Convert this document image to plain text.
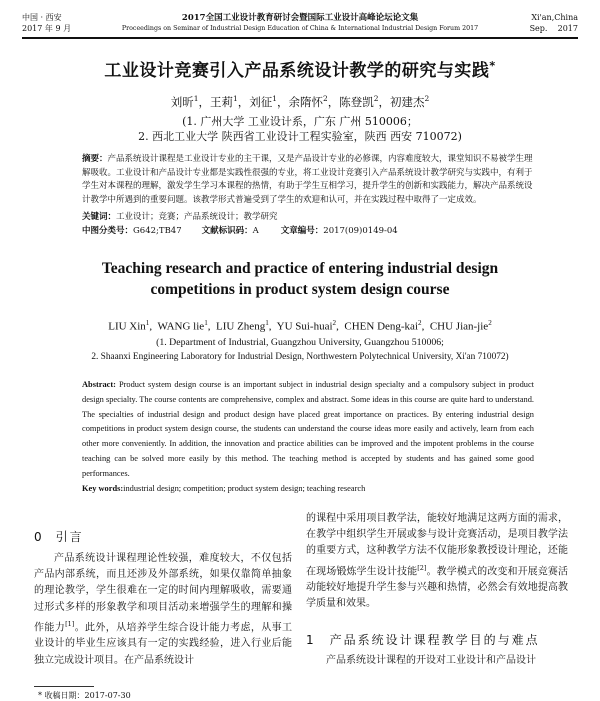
中国 · 西安
2017 年 9 月
2017全国工业设计教育研讨会暨国际工业设计高峰论坛论文集
Proceedings on Seminar of Industrial Design Education of China & International Industrial Design Forum 2017
Xi'an,China
Sep.    2017
工业设计竞赛引入产品系统设计教学的研究与实践*
刘昕$^1$，王莉$^1$，刘征$^1$，余隋怀$^2$，陈登凯$^2$，初建杰$^2$
(1. 广州大学 工业设计系，广东 广州 510006；
2. 西北工业大学 陕西省工业设计工程实验室，陕西 西安 710072)
摘要：产品系统设计课程是工业设计专业的主干课，又是产品设计专业的必修课，内容难度较大，课堂知识不易被学生理解吸收。工业设计和产品设计专业都是实践性很强的专业，将工业设计竞赛引入产品系统设计教学研究与实践中，有利于学生对本课程的理解，激发学生学习本课程的热情，有助于学生互相学习，提升学生的创新和实践能力，解决产品系统设计教学中所遇到的重要问题。该教学形式普遍受到了学生的欢迎和认可，并在实践过程中取得了一定成效。
关键词：工业设计；竞赛；产品系统设计；教学研究
中图分类号：G642;TB47 文献标识码：A	文章编号：2017(09)0149-04
Teaching research and practice of entering industrial design
competitions in product system design course
LIU Xin$^1$,  WANG lie$^1$,  LIU Zheng$^1$,  YU Sui-huai$^2$,  CHEN Deng-kai$^2$,  CHU Jian-jie$^2$
(1. Department of Industrial, Guangzhou University, Guangzhou 510006;
2. Shaanxi Engineering Laboratory for Industrial Design, Northwestern Polytechnical University, Xi'an 710072)
Abstract: Product system design course is an important subject in industrial design specialty and a compulsory subject in product design specialty. The course contents are comprehensive, complex and abstract. Some ideas in this course are quite hard to understand. The specialties of industrial design and product design have placed great importance on practices. By entering industrial design competitions in product system design course, the students can understand the course ideas more easily and actively, learn from each other more conveniently. In addition, the innovation and practice abilities can be improved and the impotent problems in the course teaching can be solved more easily by this method. The teaching method is accepted by students and has gained some good performances.
Key words:industrial design; competition; product system design; teaching research
0 引言
产品系统设计课程理论性较强，难度较大，不仅包括产品内部系统，而且还涉及外部系统，如果仅靠简单抽象的理论教学，学生很难在一定的时间内理解吸收，需要通过形式多样的形象教学和项目活动来增强学生的理解和操作能力[1]。此外，从培养学生综合设计能力考虑，从事工业设计的毕业生应该具有一定的实践经验，进入行业后能独立完成设计项目。在产品系统设计
的课程中采用项目教学法，能较好地满足这两方面的需求，在教学中组织学生开展或参与设计竞赛活动，是项目教学法的重要方式，这种教学方法不仅能形象教授设计理论，还能在现场锻炼学生设计技能[2]。教学模式的改变和开展竞赛活动能较好地提升学生参与兴趣和热情，必然会有效地提高教学质量和效果。
1 产品系统设计课程教学目的与难点
产品系统设计课程的开设对工业设计和产品设计
* 收稿日期：2017-07-30
